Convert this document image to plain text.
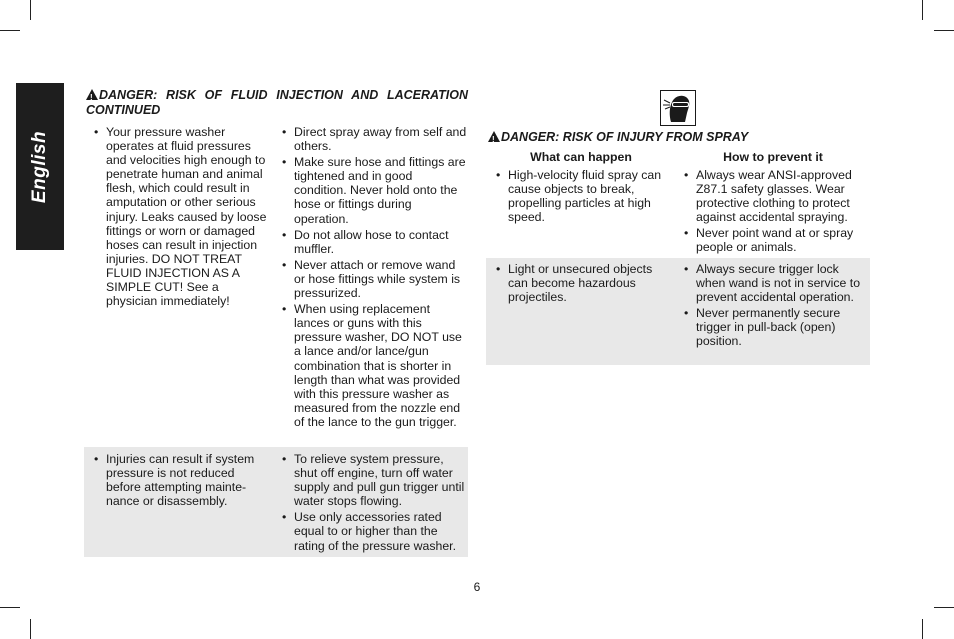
English
!DANGER: RISK OF FLUID INJECTION AND LACERATION
CONTINUED
• Your pressure washer operates at fluid pressures and velocities high enough to penetrate human and animal flesh, which could result in amputation or other serious injury. Leaks caused by loose fittings or worn or damaged hoses can result in injection injuries. DO NOT TREAT FLUID INJECTION AS A SIMPLE CUT! See a physician immediately!
• Direct spray away from self and others.
• Make sure hose and fittings are tightened and in good condition. Never hold onto the hose or fittings during operation.
• Do not allow hose to contact muffler.
• Never attach or remove wand or hose fittings while system is pressurized.
• When using replacement lances or guns with this pressure washer, DO NOT use a lance and/or lance/gun combination that is shorter in length than what was provided with this pressure washer as measured from the nozzle end of the lance to the gun trigger.
• Injuries can result if system pressure is not reduced before attempting mainte-nance or disassembly.
• To relieve system pressure, shut off engine, turn off water supply and pull gun trigger until water stops flowing.
• Use only accessories rated equal to or higher than the rating of the pressure washer.
!DANGER: RISK OF INJURY FROM SPRAY
What can happen	How to prevent it
• High-velocity fluid spray can cause objects to break, propelling particles at high speed.
• Always wear ANSI-approved Z87.1 safety glasses. Wear protective clothing to protect against accidental spraying.
• Never point wand at or spray people or animals.
• Light or unsecured objects can become hazardous projectiles.
• Always secure trigger lock when wand is not in service to prevent accidental operation.
• Never permanently secure trigger in pull-back (open) position.
6
